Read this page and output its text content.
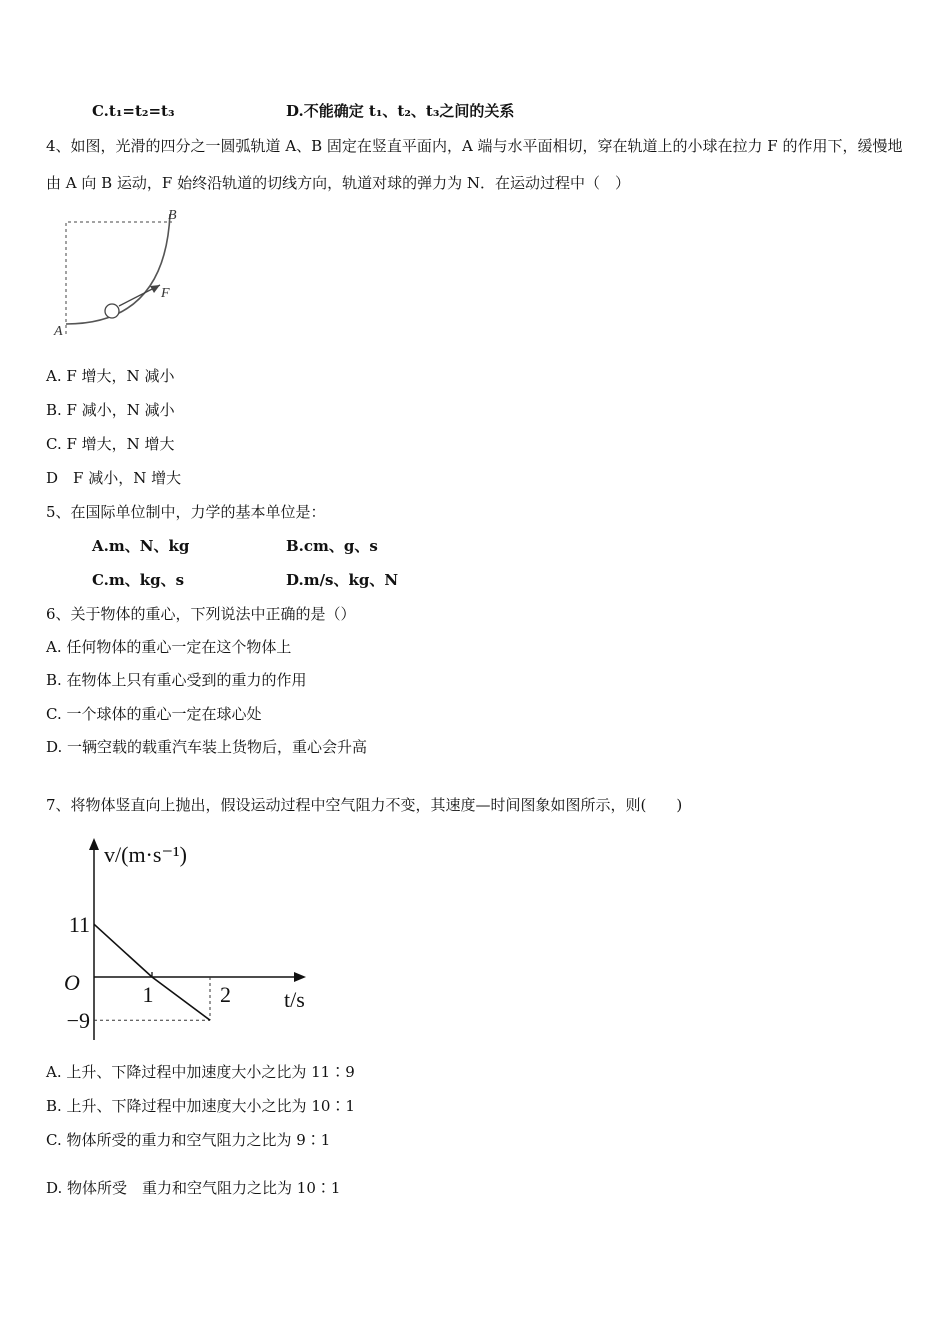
C.t₁=t₂=t₃	D.不能确定 t₁、t₂、t₃之间的关系
4、如图，光滑的四分之一圆弧轨道 A、B 固定在竖直平面内，A 端与水平面相切，穿在轨道上的小球在拉力 F 的作用下，缓慢地由 A 向 B 运动，F 始终沿轨道的切线方向，轨道对球的弹力为 N．在运动过程中（　）
A
B
F
A. F 增大，N 减小
B. F 减小，N 减小
C. F 增大，N 增大
D　F 减小，N 增大
5、在国际单位制中，力学的基本单位是：
A.m、N、kg	B.cm、g、s
C.m、kg、s	D.m/s、kg、N
6、关于物体的重心，下列说法中正确的是（）
A. 任何物体的重心一定在这个物体上
B. 在物体上只有重心受到的重力的作用
C. 一个球体的重心一定在球心处
D. 一辆空载的载重汽车装上货物后，重心会升高
7、将物体竖直向上抛出，假设运动过程中空气阻力不变，其速度—时间图象如图所示，则(　　)
v/(m·s⁻¹)
t/s
O	1	2
11
−9
A. 上升、下降过程中加速度大小之比为 11∶9
B. 上升、下降过程中加速度大小之比为 10∶1
C. 物体所受的重力和空气阻力之比为 9∶1
D. 物体所受　重力和空气阻力之比为 10∶1
